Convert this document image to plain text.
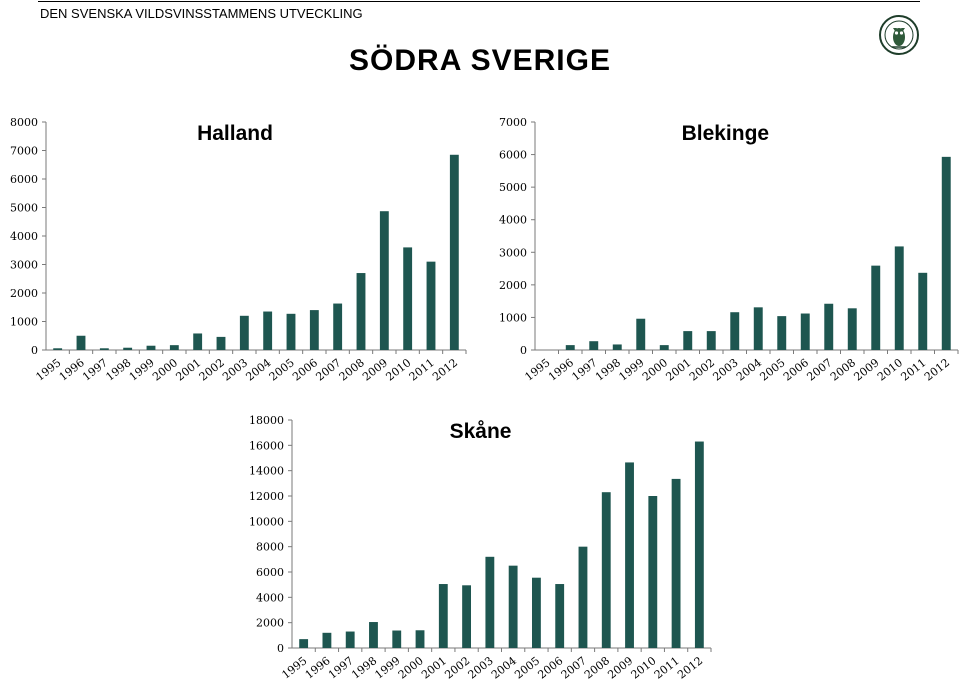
DEN SVENSKA VILDSVINSSTAMMENS UTVECKLING
SÖDRA SVERIGE
0
1000
2000
3000
4000
5000
6000
7000
8000
1995
1996
1997
1998
1999
2000
2001
2002
2003
2004
2005
2006
2007
2008
2009
2010
2011
2012
Halland
0
1000
2000
3000
4000
5000
6000
7000
1995
1996
1997
1998
1999
2000
2001
2002
2003
2004
2005
2006
2007
2008
2009
2010
2011
2012
Blekinge
0
2000
4000
6000
8000
10000
12000
14000
16000
18000
1995
1996
1997
1998
1999
2000
2001
2002
2003
2004
2005
2006
2007
2008
2009
2010
2011
2012
Skåne
